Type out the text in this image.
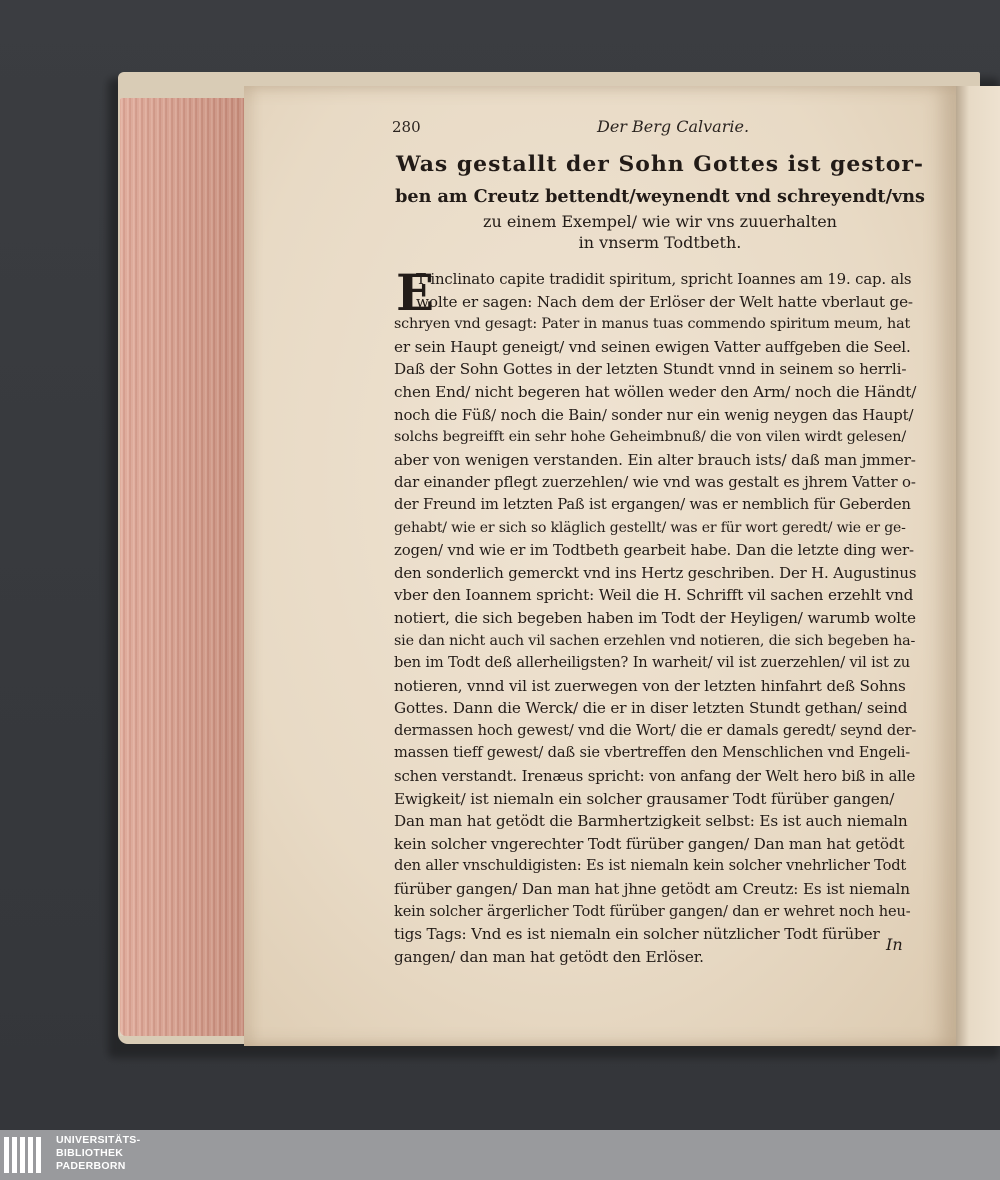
280	Der Berg Calvarie.
Was gestallt der Sohn Gottes ist gestor-
ben am Creutz bettendt/weynendt vnd schreyendt/vns
zu einem Exempel/ wie wir vns zuuerhalten
in vnserm Todtbeth.
E
T inclinato capite tradidit spiritum, spricht Ioannes am 19. cap. als
wolte er sagen: Nach dem der Erlöser der Welt hatte vberlaut ge-
schryen vnd gesagt: Pater in manus tuas commendo spiritum meum, hat
er sein Haupt geneigt/ vnd seinen ewigen Vatter auffgeben die Seel.
Daß der Sohn Gottes in der letzten Stundt vnnd in seinem so herrli-
chen End/ nicht begeren hat wöllen weder den Arm/ noch die Händt/
noch die Füß/ noch die Bain/ sonder nur ein wenig neygen das Haupt/
solchs begreifft ein sehr hohe Geheimbnuß/ die von vilen wirdt gelesen/
aber von wenigen verstanden. Ein alter brauch ists/ daß man jmmer-
dar einander pflegt zuerzehlen/ wie vnd was gestalt es jhrem Vatter o-
der Freund im letzten Paß ist ergangen/ was er nemblich für Geberden
gehabt/ wie er sich so kläglich gestellt/ was er für wort geredt/ wie er ge-
zogen/ vnd wie er im Todtbeth gearbeit habe. Dan die letzte ding wer-
den sonderlich gemerckt vnd ins Hertz geschriben. Der H. Augustinus
vber den Ioannem spricht: Weil die H. Schrifft vil sachen erzehlt vnd
notiert, die sich begeben haben im Todt der Heyligen/ warumb wolte
sie dan nicht auch vil sachen erzehlen vnd notieren, die sich begeben ha-
ben im Todt deß allerheiligsten? In warheit/ vil ist zuerzehlen/ vil ist zu
notieren, vnnd vil ist zuerwegen von der letzten hinfahrt deß Sohns
Gottes. Dann die Werck/ die er in diser letzten Stundt gethan/ seind
dermassen hoch gewest/ vnd die Wort/ die er damals geredt/ seynd der-
massen tieff gewest/ daß sie vbertreffen den Menschlichen vnd Engeli-
schen verstandt. Irenæus spricht: von anfang der Welt hero biß in alle
Ewigkeit/ ist niemaln ein solcher grausamer Todt fürüber gangen/
Dan man hat getödt die Barmhertzigkeit selbst: Es ist auch niemaln
kein solcher vngerechter Todt fürüber gangen/ Dan man hat getödt
den aller vnschuldigisten: Es ist niemaln kein solcher vnehrlicher Todt
fürüber gangen/ Dan man hat jhne getödt am Creutz: Es ist niemaln
kein solcher ärgerlicher Todt fürüber gangen/ dan er wehret noch heu-
tigs Tags: Vnd es ist niemaln ein solcher nützlicher Todt fürüber
gangen/ dan man hat getödt den Erlöser.
In
UNIVERSITÄTS-
BIBLIOTHEK
PADERBORN
